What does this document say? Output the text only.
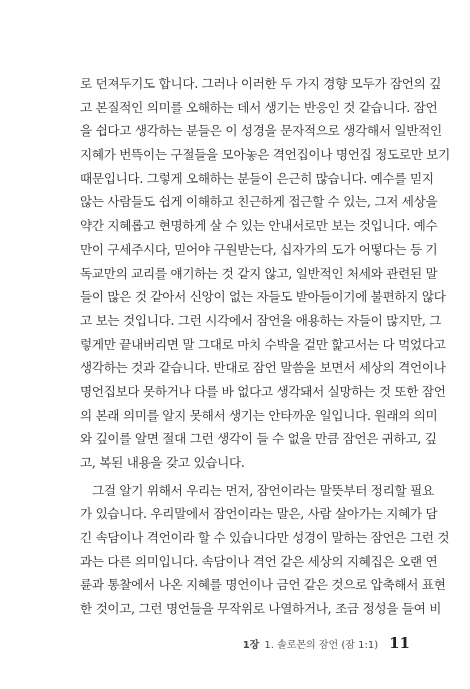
로 던져두기도 합니다. 그러나 이러한 두 가지 경향 모두가 잠언의 깊
고 본질적인 의미를 오해하는 데서 생기는 반응인 것 같습니다. 잠언
을 쉽다고 생각하는 분들은 이 성경을 문자적으로 생각해서 일반적인
지혜가 번뜩이는 구절들을 모아놓은 격언집이나 명언집 정도로만 보기
때문입니다. 그렇게 오해하는 분들이 은근히 많습니다. 예수를 믿지
않는 사람들도 쉽게 이해하고 친근하게 접근할 수 있는, 그저 세상을
약간 지혜롭고 현명하게 살 수 있는 안내서로만 보는 것입니다. 예수
만이 구세주시다, 믿어야 구원받는다, 십자가의 도가 어떻다는 등 기
독교만의 교리를 얘기하는 것 같지 않고, 일반적인 처세와 관련된 말
들이 많은 것 같아서 신앙이 없는 자들도 받아들이기에 불편하지 않다
고 보는 것입니다. 그런 시각에서 잠언을 애용하는 자들이 많지만, 그
렇게만 끝내버리면 말 그대로 마치 수박을 겉만 핥고서는 다 먹었다고
생각하는 것과 같습니다. 반대로 잠언 말씀을 보면서 세상의 격언이나
명언집보다 못하거나 다를 바 없다고 생각돼서 실망하는 것 또한 잠언
의 본래 의미를 알지 못해서 생기는 안타까운 일입니다. 원래의 의미
와 깊이를 알면 절대 그런 생각이 들 수 없을 만큼 잠언은 귀하고, 깊
고, 복된 내용을 갖고 있습니다.
그걸 알기 위해서 우리는 먼저, 잠언이라는 말뜻부터 정리할 필요
가 있습니다. 우리말에서 잠언이라는 말은, 사람 살아가는 지혜가 담
긴 속담이나 격언이라 할 수 있습니다만 성경이 말하는 잠언은 그런 것
과는 다른 의미입니다. 속담이나 격언 같은 세상의 지혜집은 오랜 연
륜과 통찰에서 나온 지혜를 명언이나 금언 같은 것으로 압축해서 표현
한 것이고, 그런 명언들을 무작위로 나열하거나, 조금 정성을 들여 비
1장 1. 솔로몬의 잠언 (잠 1:1) 11
